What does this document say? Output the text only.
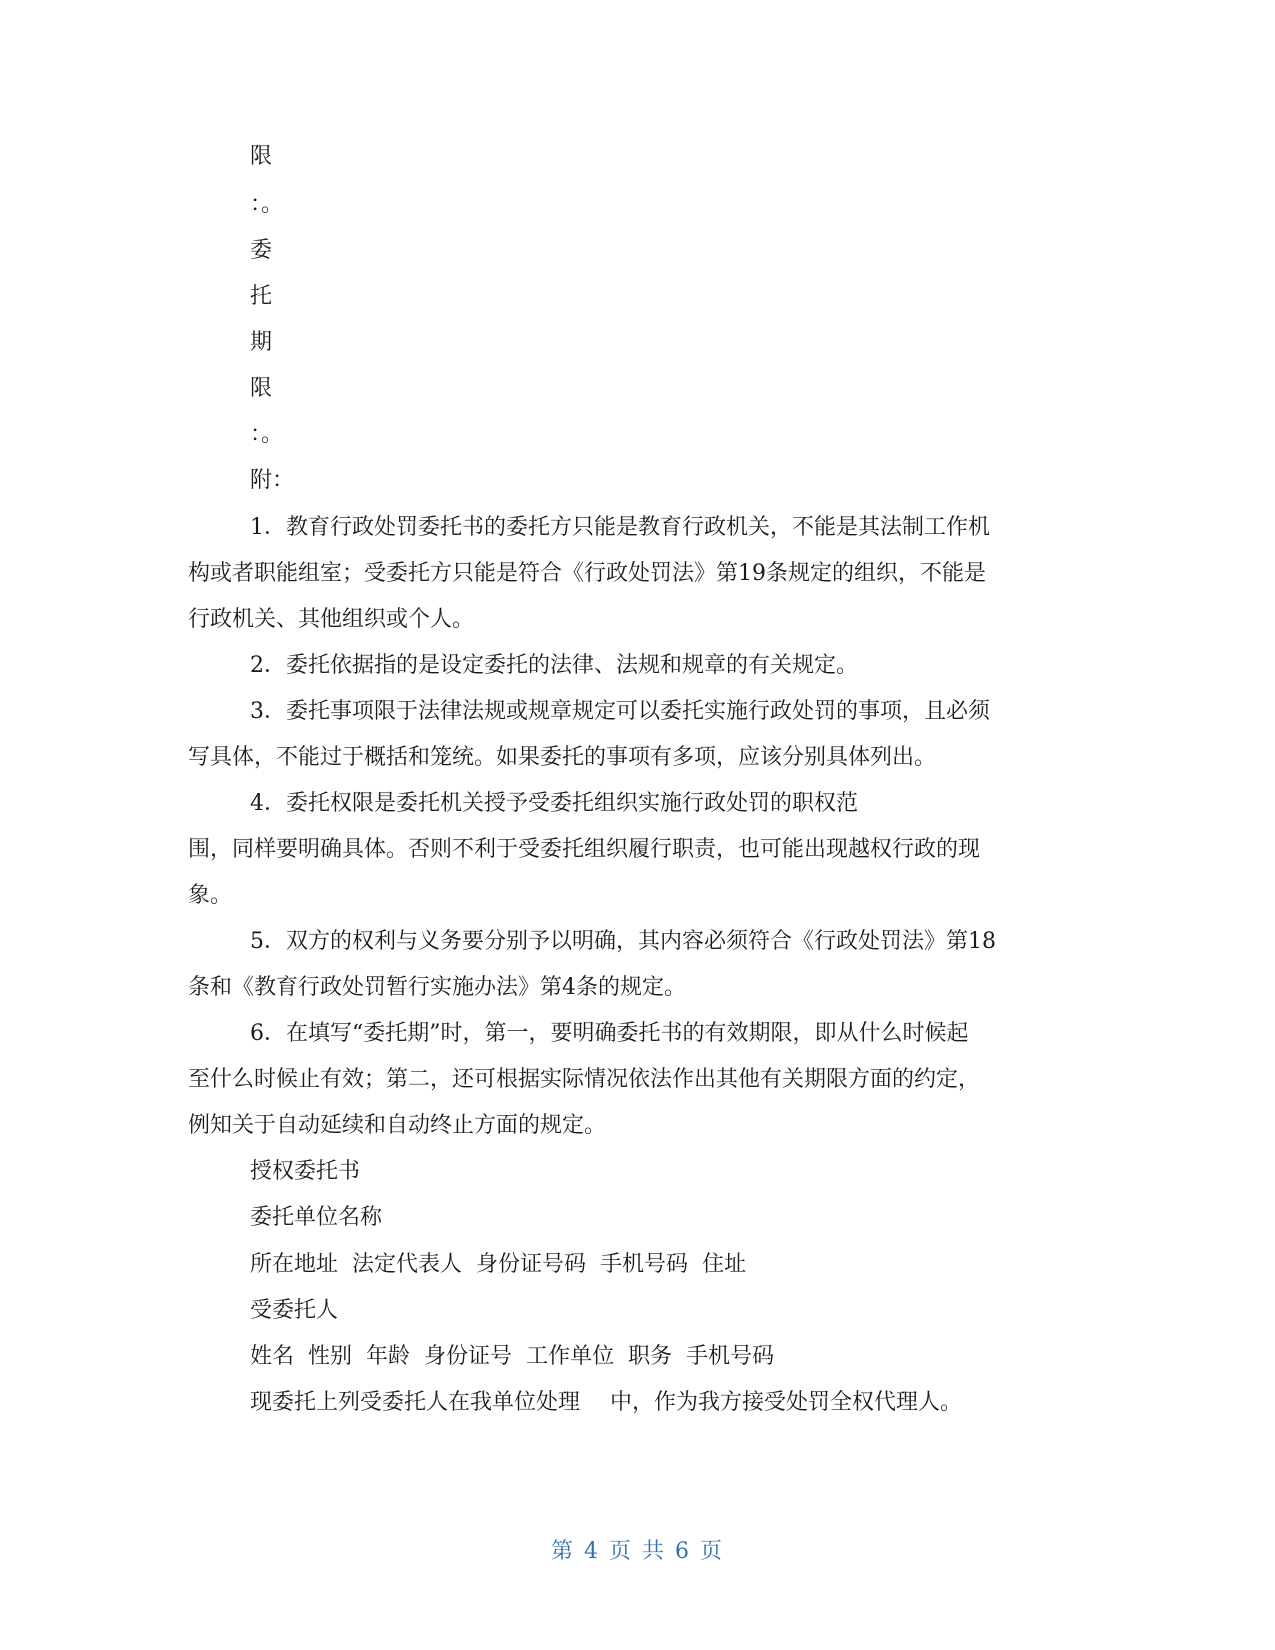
限
：。
委
托
期
限
：。
附：
1．教育行政处罚委托书的委托方只能是教育行政机关，不能是其法制工作机
构或者职能组室；受委托方只能是符合《行政处罚法》第19条规定的组织，不能是
行政机关、其他组织或个人。
2．委托依据指的是设定委托的法律、法规和规章的有关规定。
3．委托事项限于法律法规或规章规定可以委托实施行政处罚的事项，且必须
写具体，不能过于概括和笼统。如果委托的事项有多项，应该分别具体列出。
4．委托权限是委托机关授予受委托组织实施行政处罚的职权范
围，同样要明确具体。否则不利于受委托组织履行职责，也可能出现越权行政的现
象。
5．双方的权利与义务要分别予以明确，其内容必须符合《行政处罚法》第18
条和《教育行政处罚暂行实施办法》第4条的规定。
6．在填写“委托期”时，第一，要明确委托书的有效期限，即从什么时候起
至什么时候止有效；第二，还可根据实际情况依法作出其他有关期限方面的约定，
例知关于自动延续和自动终止方面的规定。
授权委托书
委托单位名称
所在地址 法定代表人 身份证号码 手机号码 住址
受委托人
姓名 性别 年龄 身份证号 工作单位 职务 手机号码
现委托上列受委托人在我单位处理 中，作为我方接受处罚全权代理人。
第 4 页 共 6 页
